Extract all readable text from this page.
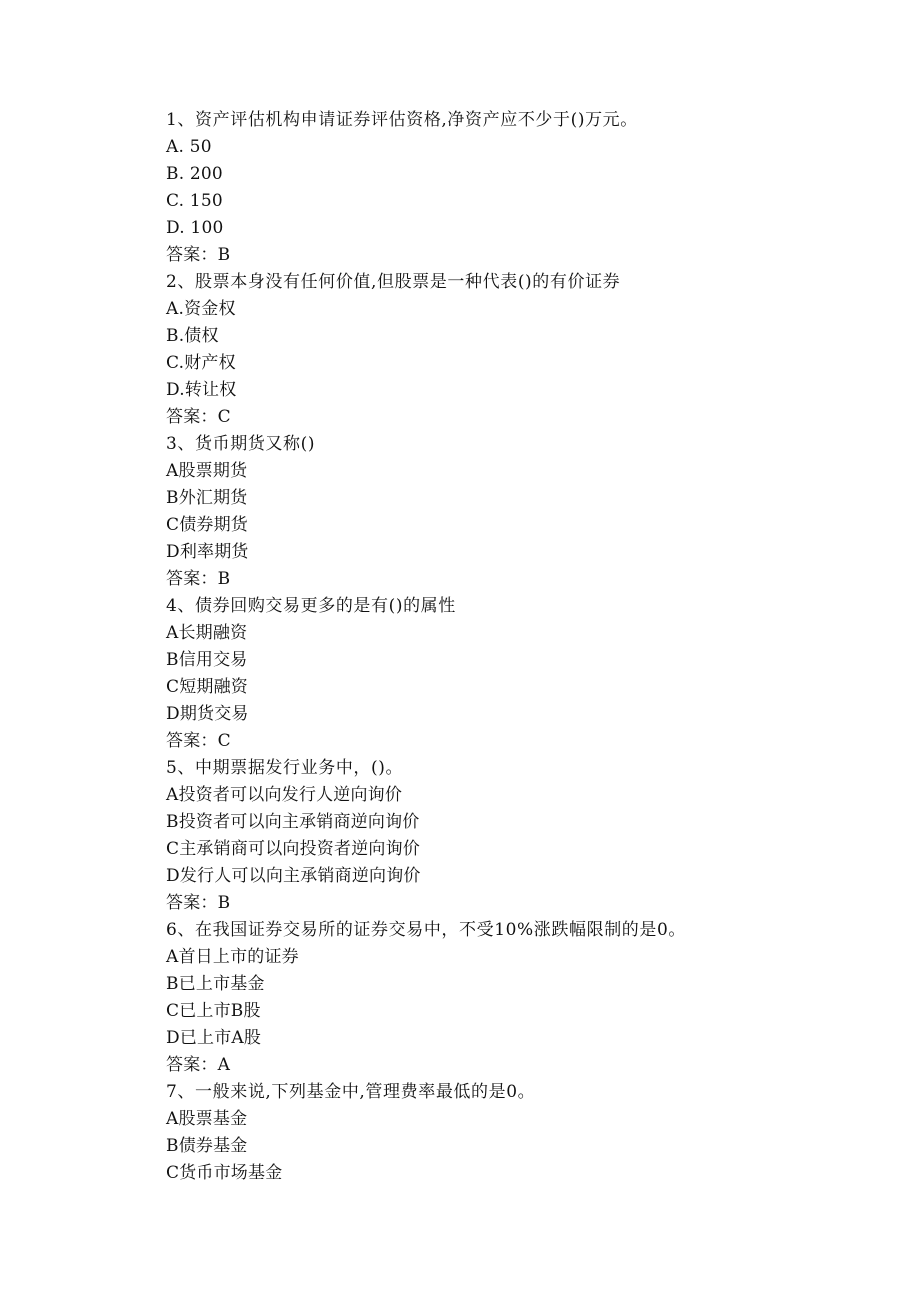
1、资产评估机构申请证券评估资格,净资产应不少于()万元。
A. 50
B. 200
C. 150
D. 100
答案：B
2、股票本身没有任何价值,但股票是一种代表()的有价证券
A.资金权
B.债权
C.财产权
D.转让权
答案：C
3、货币期货又称()
A股票期货
B外汇期货
C债券期货
D利率期货
答案：B
4、债券回购交易更多的是有()的属性
A长期融资
B信用交易
C短期融资
D期货交易
答案：C
5、中期票据发行业务中，()。
A投资者可以向发行人逆向询价
B投资者可以向主承销商逆向询价
C主承销商可以向投资者逆向询价
D发行人可以向主承销商逆向询价
答案：B
6、在我国证券交易所的证券交易中，不受10%涨跌幅限制的是0。
A首日上市的证券
B已上市基金
C已上市B股
D已上市A股
答案：A
7、一般来说,下列基金中,管理费率最低的是0。
A股票基金
B债券基金
C货币市场基金
